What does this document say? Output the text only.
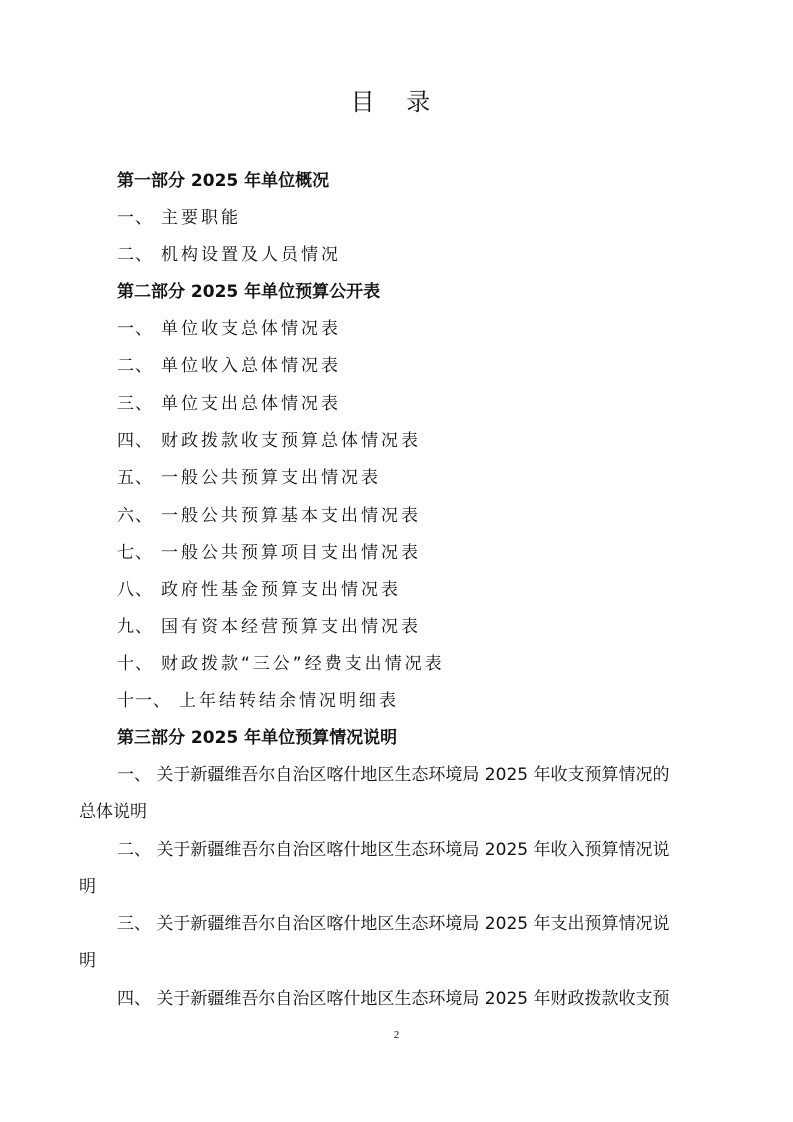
目 录
第一部分 2025 年单位概况
一、 主要职能
二、 机构设置及人员情况
第二部分 2025 年单位预算公开表
一、 单位收支总体情况表
二、 单位收入总体情况表
三、 单位支出总体情况表
四、 财政拨款收支预算总体情况表
五、 一般公共预算支出情况表
六、 一般公共预算基本支出情况表
七、 一般公共预算项目支出情况表
八、 政府性基金预算支出情况表
九、 国有资本经营预算支出情况表
十、 财政拨款“三公”经费支出情况表
十一、 上年结转结余情况明细表
第三部分 2025 年单位预算情况说明
一、 关于新疆维吾尔自治区喀什地区生态环境局 2025 年收支预算情况的
总体说明
二、 关于新疆维吾尔自治区喀什地区生态环境局 2025 年收入预算情况说
明
三、 关于新疆维吾尔自治区喀什地区生态环境局 2025 年支出预算情况说
明
四、 关于新疆维吾尔自治区喀什地区生态环境局 2025 年财政拨款收支预
2
